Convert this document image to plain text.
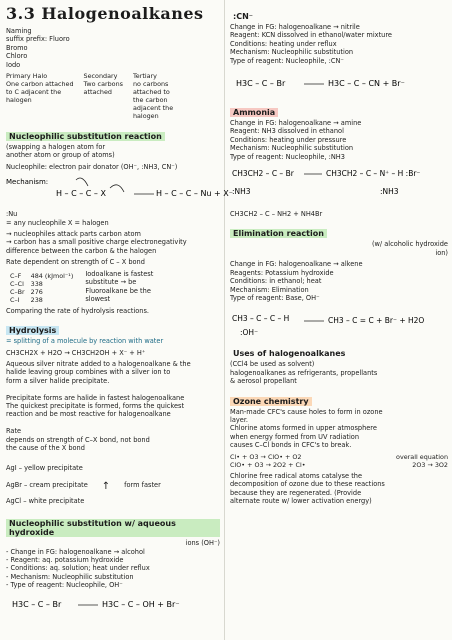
3.3 Halogenoalkanes
Naming
suffix prefix: Fluoro
Bromo
Chloro
Iodo
Primary Halo
One carbon attached
to C adjacent the
halogen
Secondary
Two carbons
attached
Tertiary
no carbons
attached to
the carbon
adjacent the
halogen
Nucleophilic substitution reaction
(swapping a halogen atom for
another atom or group of atoms)
Nucleophile: electron pair donator (OH⁻, :NH3, CN⁻)
Mechanism:
H – C – C – X	H – C – C – Nu + X⁻
:Nu
= any nucleophile X = halogen
→ nucleophiles attack parts carbon atom
→ carbon has a small positive charge electronegativity
difference between the carbon & the halogen
Rate dependent on strength of C – X bond
C–F	484 (kJmol⁻¹)
C–Cl	338
C–Br	276
C–I	238
Iodoalkane is fastest
substitute → be
Fluoroalkane be the
slowest
Comparing the rate of hydrolysis reactions.
Hydrolysis
= splitting of a molecule by reaction with water
CH3CH2X + H2O → CH3CH2OH + X⁻ + H⁺
Aqueous silver nitrate added to a halogenoalkane & the
halide leaving group combines with a silver ion to
form a silver halide precipitate.

Precipitate forms are halide in fastest halogenoalkane
The quickest precipitate is formed, forms the quickest
reaction and be most reactive for halogenoalkane

Rate
depends on strength of C–X bond, not bond
the cause of the X bond

AgI – yellow precipitate

AgBr – cream precipitate

AgCl – white precipitate

↑ form faster
Nucleophilic substitution w/ aqueous hydroxide
ions (OH⁻)
- Change in FG: halogenoalkane → alcohol
- Reagent: aq. potassium hydroxide
- Conditions: aq. solution; heat under reflux
- Mechanism: Nucleophilic substitution
- Type of reagent: Nucleophile, OH⁻
H3C – C – Br	H3C – C – OH + Br⁻
:CN⁻
Change in FG: halogenoalkane → nitrile
Reagent: KCN dissolved in ethanol/water mixture
Conditions: heating under reflux
Mechanism: Nucleophilic substitution
Type of reagent: Nucleophile, :CN⁻
H3C – C – Br	H3C – C – CN + Br⁻
Ammonia
Change in FG: halogenoalkane → amine
Reagent: NH3 dissolved in ethanol
Conditions: heating under pressure
Mechanism: Nucleophilic substitution
Type of reagent: Nucleophile, :NH3
CH3CH2 – C – Br
:NH3
CH3CH2 – C – N⁺ – H :Br⁻
:NH3
CH3CH2 – C – NH2 + NH4Br
Elimination reaction
(w/ alcoholic hydroxide
ion)
Change in FG: halogenoalkane → alkene
Reagents: Potassium hydroxide
Conditions: in ethanol; heat
Mechanism: Elimination
Type of reagent: Base, OH⁻
CH3 – C – C – H
:OH⁻
CH3 – C = C + Br⁻ + H2O
Uses of halogenoalkanes
(CCl4 be used as solvent)
halogenoalkanes as refrigerants, propellants
& aerosol propellant
Ozone chemistry
Man-made CFC's cause holes to form in ozone
layer.
Chlorine atoms formed in upper atmosphere
when energy formed from UV radiation
causes C–Cl bonds in CFC's to break.
Cl• + O3 → ClO• + O2	overall equation
ClO• + O3 → 2O2 + Cl•	2O3 → 3O2
Chlorine free radical atoms catalyse the
decomposition of ozone due to these reactions
because they are regenerated. (Provide
alternate route w/ lower activation energy)
